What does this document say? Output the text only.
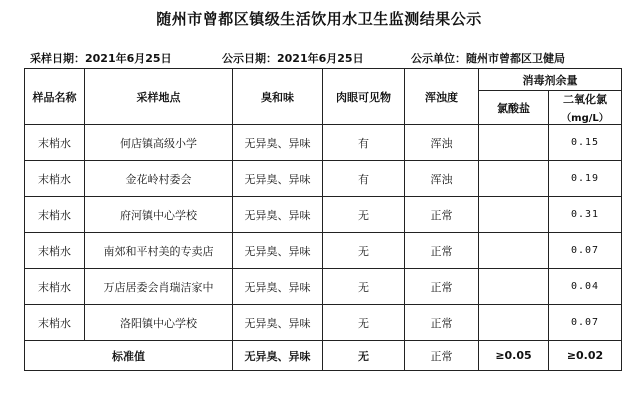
随州市曾都区镇级生活饮用水卫生监测结果公示
采样日期：2021年6月25日	公示日期：2021年6月25日	公示单位：随州市曾都区卫健局
样品名称	采样地点	臭和味	肉眼可见物	浑浊度	消毒剂余量	
					氯酸盐	二氧化氯
（mg/L）

末梢水	何店镇高级小学	无异臭、异味	有	浑浊		0.15
末梢水	金花岭村委会	无异臭、异味	有	浑浊		0.19
末梢水	府河镇中心学校	无异臭、异味	无	正常		0.31
末梢水	南郊和平村美的专卖店	无异臭、异味	无	正常		0.07
末梢水	万店居委会肖瑞洁家中	无异臭、异味	无	正常		0.04
末梢水	洛阳镇中心学校	无异臭、异味	无	正常		0.07
标准值		无异臭、异味	无	正常	≥0.05	≥0.02
